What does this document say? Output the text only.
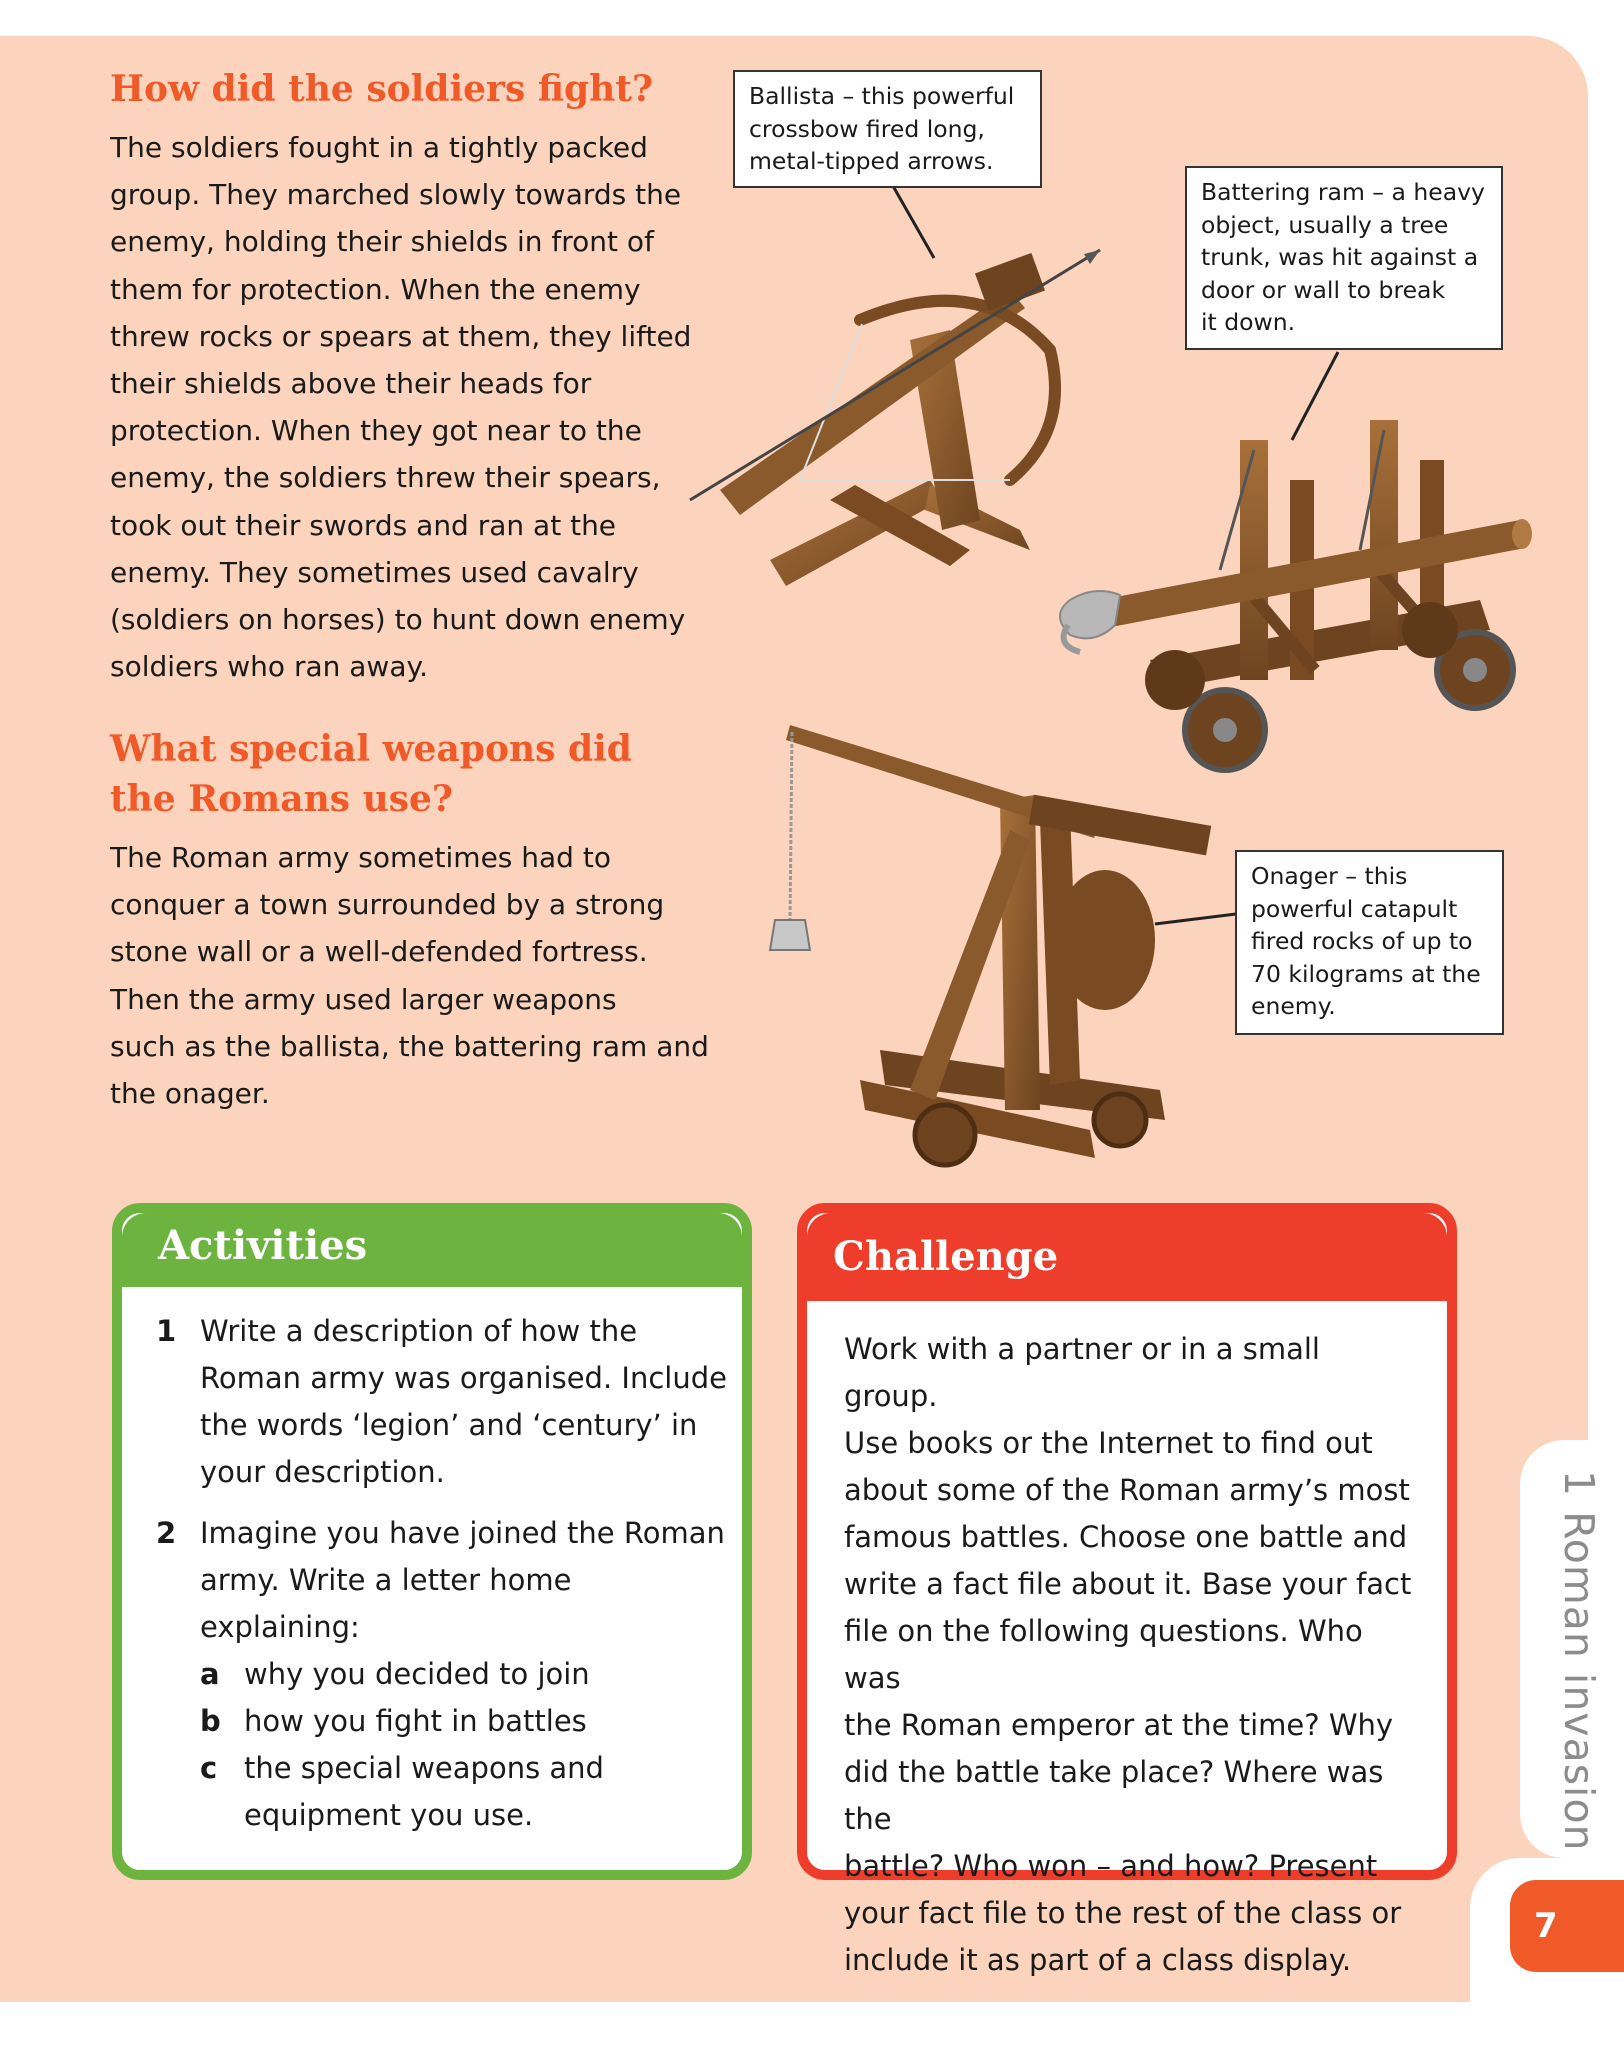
How did the soldiers fight?
The soldiers fought in a tightly packed
group. They marched slowly towards the
enemy, holding their shields in front of
them for protection. When the enemy
threw rocks or spears at them, they lifted
their shields above their heads for
protection. When they got near to the
enemy, the soldiers threw their spears,
took out their swords and ran at the
enemy. They sometimes used cavalry
(soldiers on horses) to hunt down enemy
soldiers who ran away.
What special weapons did
the Romans use?
The Roman army sometimes had to
conquer a town surrounded by a strong
stone wall or a well-defended fortress.
Then the army used larger weapons
such as the ballista, the battering ram and
the onager.
Ballista – this powerful
crossbow fired long,
metal-tipped arrows.
Battering ram – a heavy
object, usually a tree
trunk, was hit against a
door or wall to break
it down.
Onager – this
powerful catapult
fired rocks of up to
70 kilograms at the
enemy.
Activities
1 Write a description of how the
Roman army was organised. Include
the words ‘legion’ and ‘century’ in
your description.
2 Imagine you have joined the Roman
army. Write a letter home
explaining:
a why you decided to join
b how you fight in battles
c the special weapons and
equipment you use.
Challenge
Work with a partner or in a small group.
Use books or the Internet to find out
about some of the Roman army’s most
famous battles. Choose one battle and
write a fact file about it. Base your fact
file on the following questions. Who was
the Roman emperor at the time? Why
did the battle take place? Where was the
battle? Who won – and how? Present
your fact file to the rest of the class or
include it as part of a class display.
1 Roman invasion
7
